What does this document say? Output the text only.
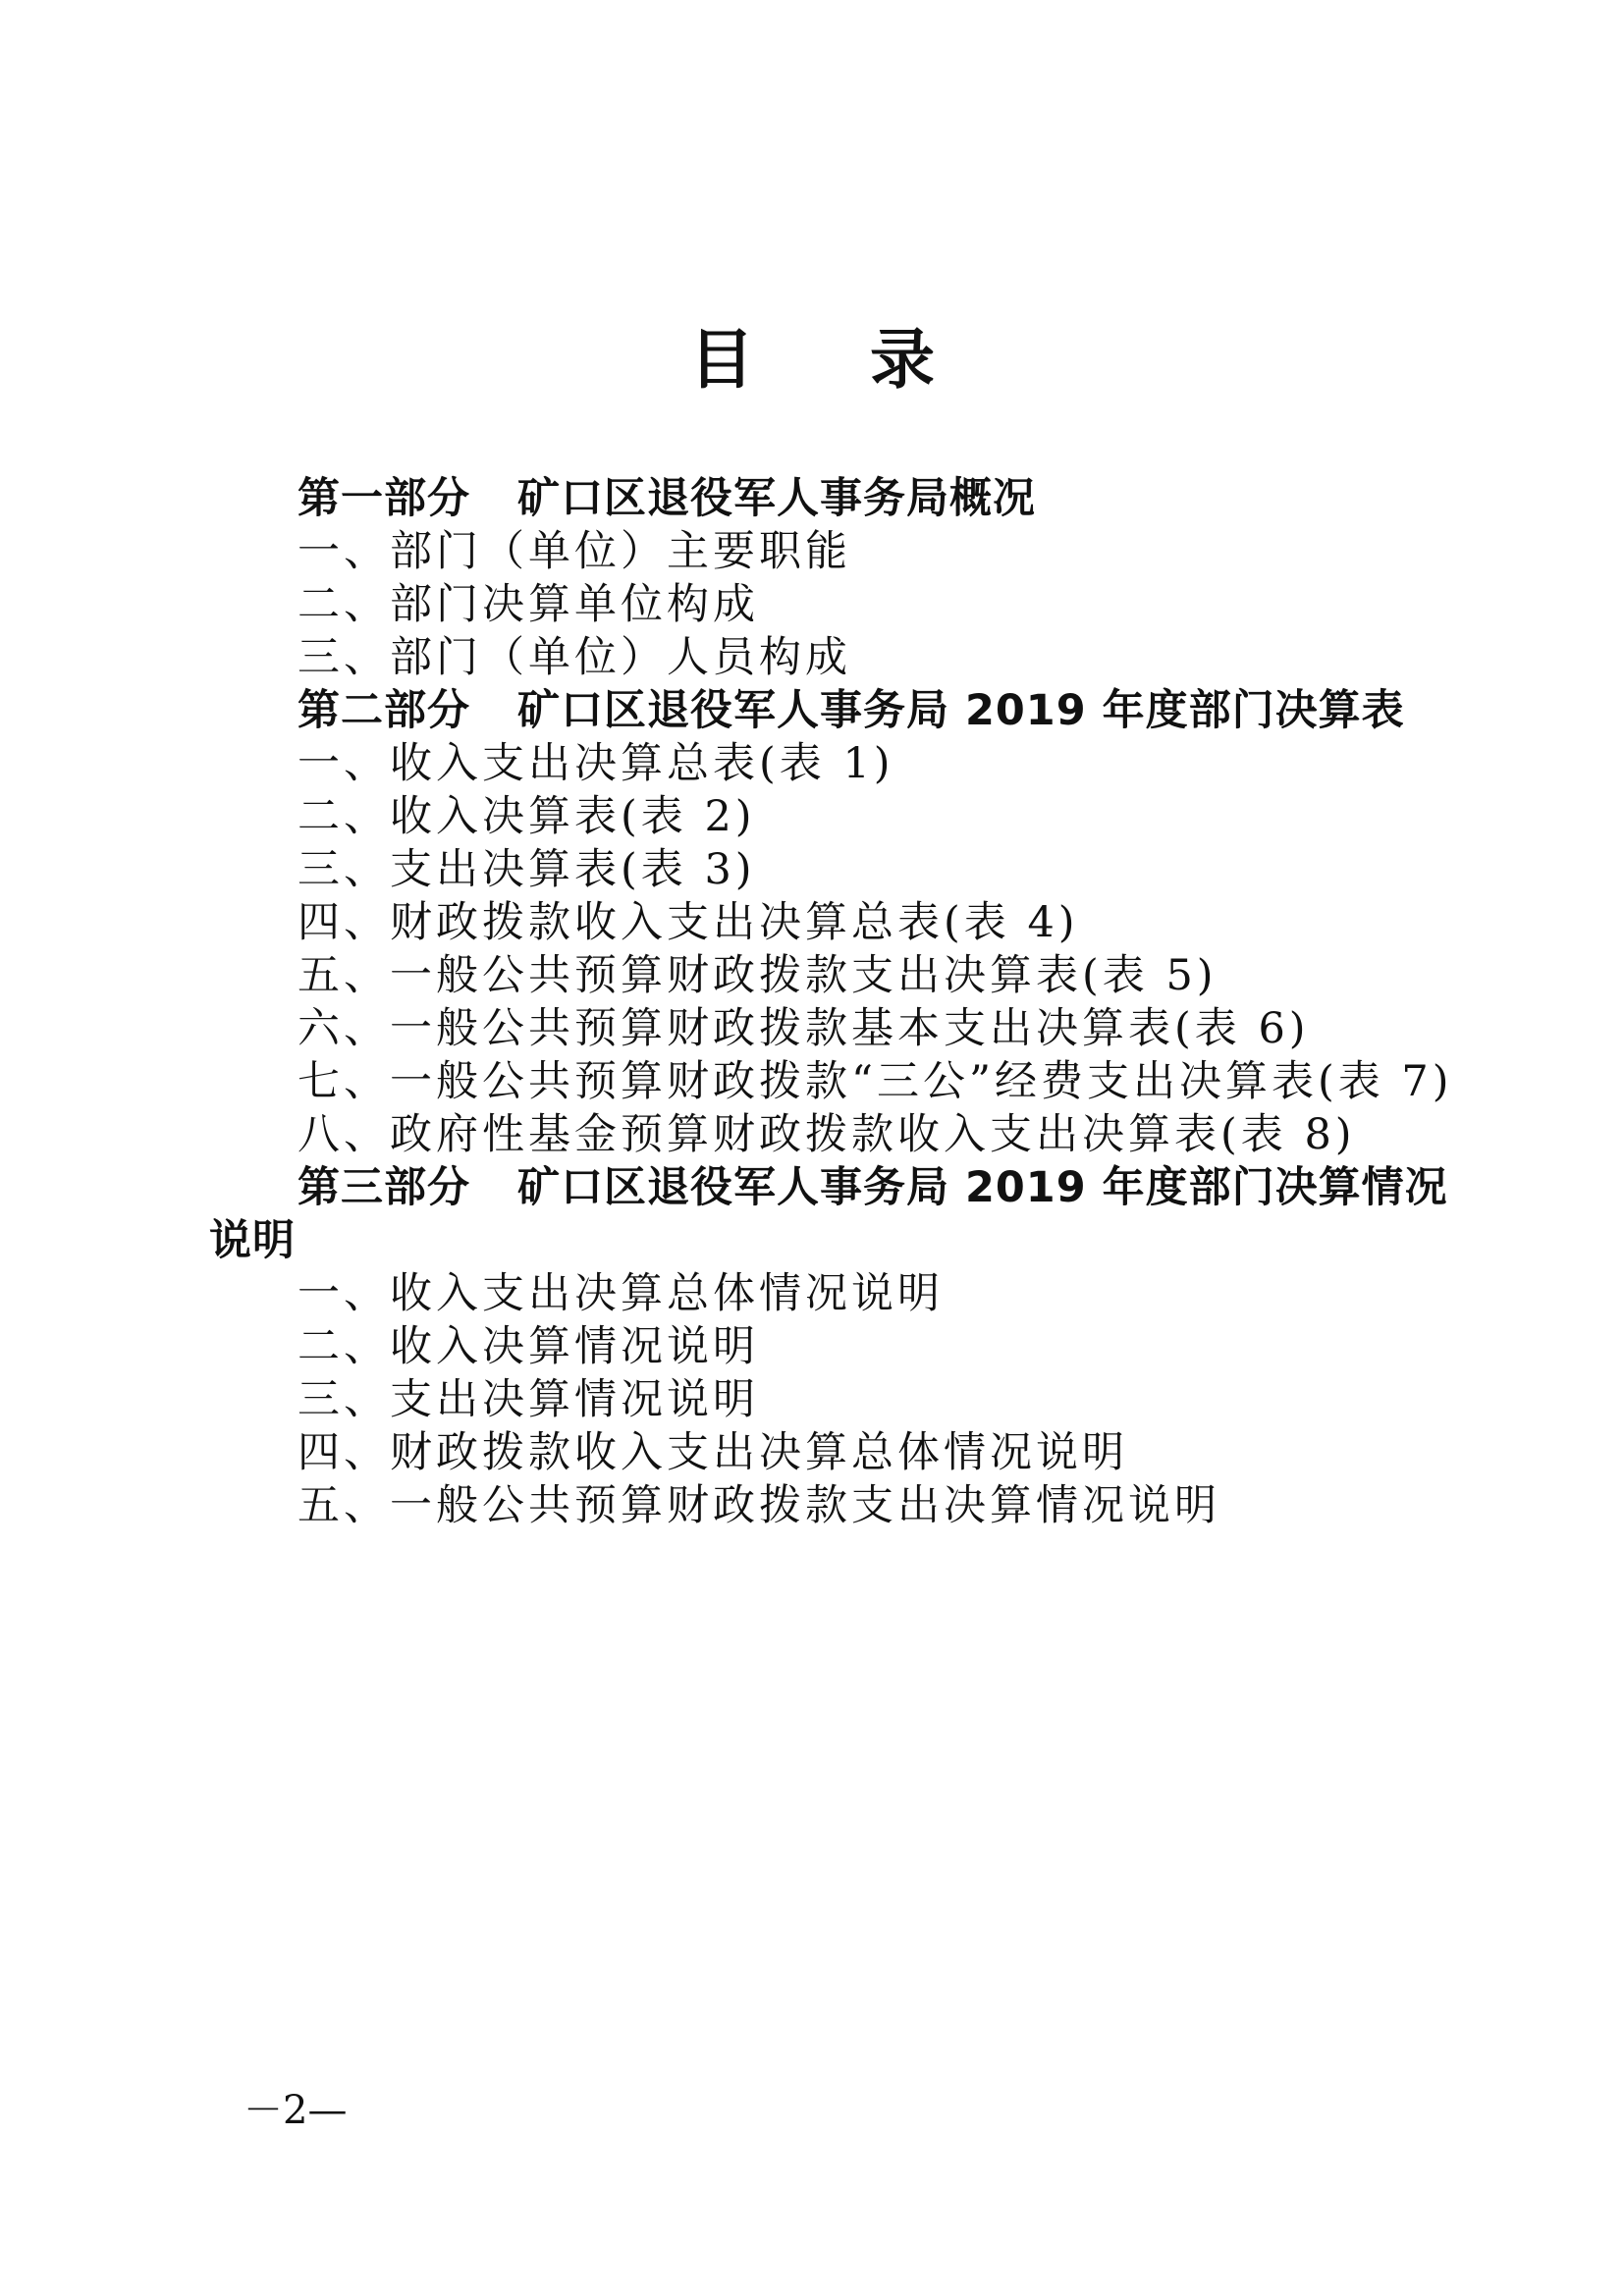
目 录
第一部分 矿口区退役军人事务局概况
一、部门（单位）主要职能
二、部门决算单位构成
三、部门（单位）人员构成
第二部分 矿口区退役军人事务局 2019 年度部门决算表
一、收入支出决算总表(表 1)
二、收入决算表(表 2)
三、支出决算表(表 3)
四、财政拨款收入支出决算总表(表 4)
五、一般公共预算财政拨款支出决算表(表 5)
六、一般公共预算财政拨款基本支出决算表(表 6)
七、一般公共预算财政拨款“三公”经费支出决算表(表 7)
八、政府性基金预算财政拨款收入支出决算表(表 8)
第三部分 矿口区退役军人事务局 2019 年度部门决算情况
说明
一、收入支出决算总体情况说明
二、收入决算情况说明
三、支出决算情况说明
四、财政拨款收入支出决算总体情况说明
五、一般公共预算财政拨款支出决算情况说明
－2—
